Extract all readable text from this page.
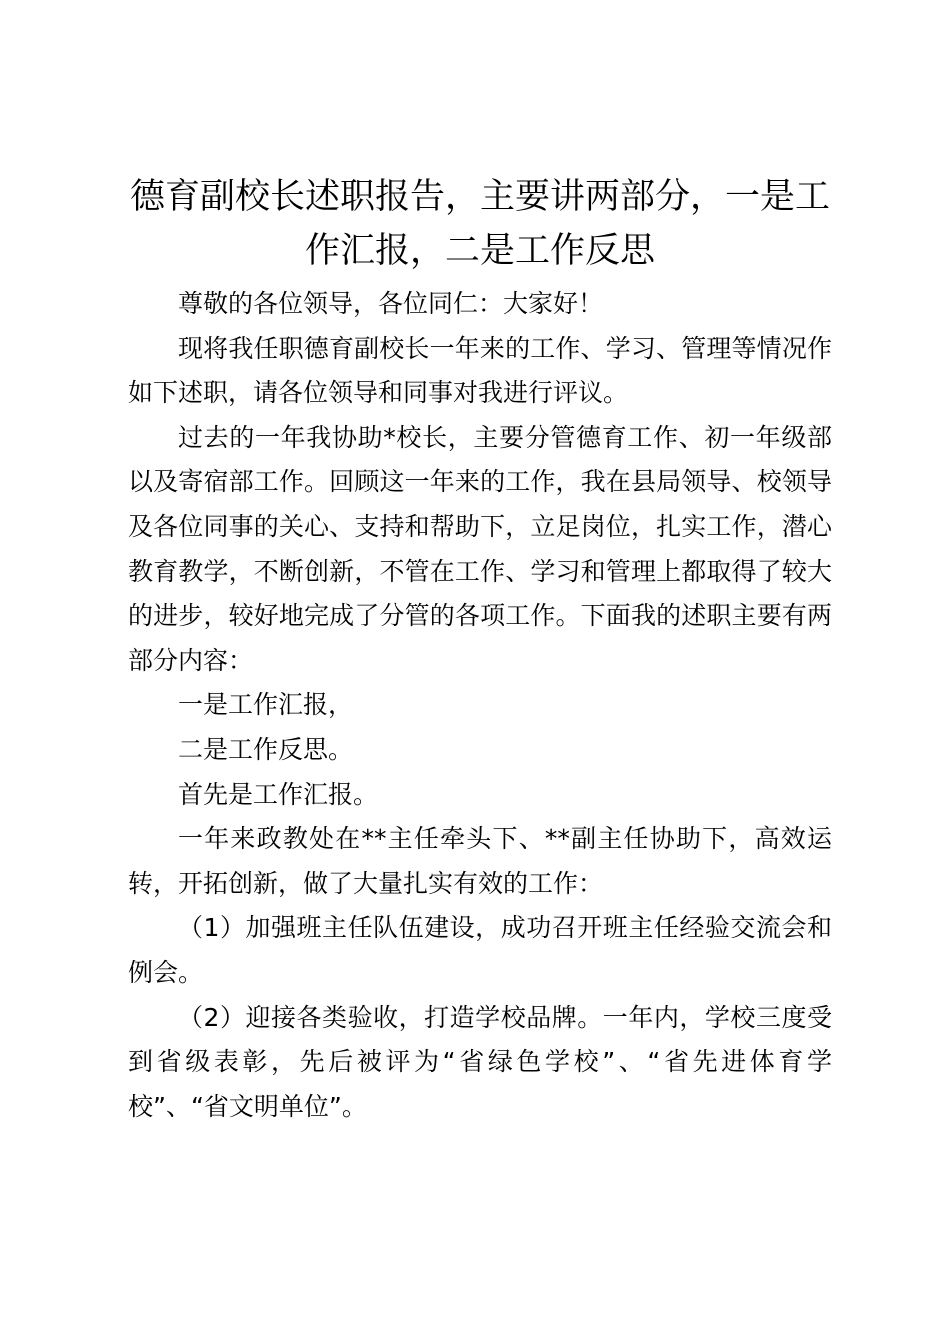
德育副校长述职报告，主要讲两部分，一是工作汇报，二是工作反思

尊敬的各位领导，各位同仁：大家好！

现将我任职德育副校长一年来的工作、学习、管理等情况作如下述职，请各位领导和同事对我进行评议。

过去的一年我协助*校长，主要分管德育工作、初一年级部以及寄宿部工作。回顾这一年来的工作，我在县局领导、校领导及各位同事的关心、支持和帮助下，立足岗位，扎实工作，潜心教育教学，不断创新，不管在工作、学习和管理上都取得了较大的进步，较好地完成了分管的各项工作。下面我的述职主要有两部分内容：

一是工作汇报，

二是工作反思。

首先是工作汇报。

一年来政教处在**主任牵头下、**副主任协助下，高效运转，开拓创新，做了大量扎实有效的工作：

（1）加强班主任队伍建设，成功召开班主任经验交流会和例会。

（2）迎接各类验收，打造学校品牌。一年内，学校三度受到省级表彰，先后被评为“省绿色学校”、“省先进体育学校”、“省文明单位”。
